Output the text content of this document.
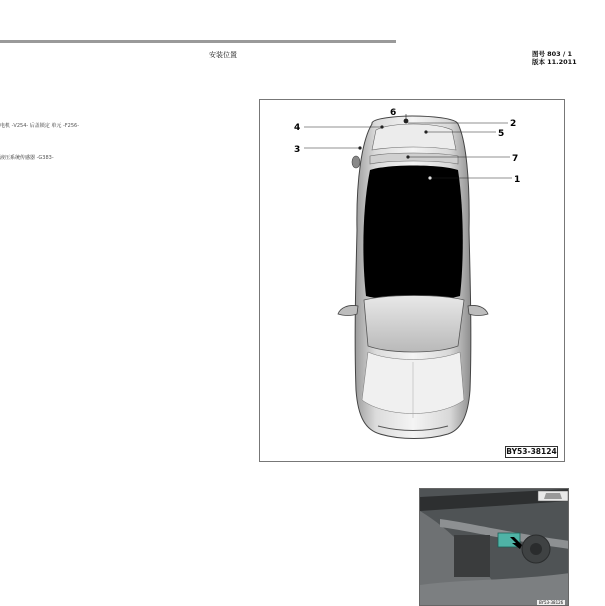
安装位置	图号 803 / 1
版本 11.2011
电机 -V254- 后盖锁定 单元 -F256-
液压系统传感器 -G383-
6
4	2
5
3
7
1
BY53-38124
BY53-38126
